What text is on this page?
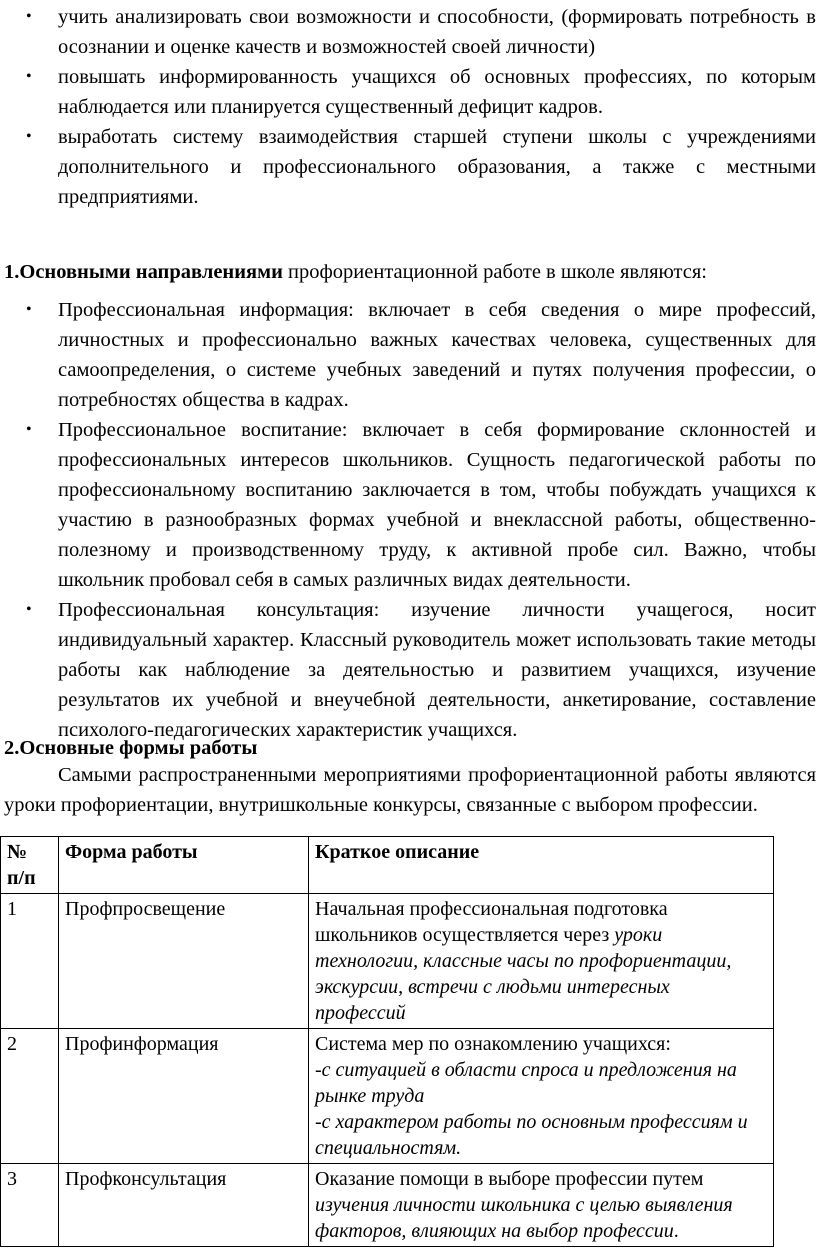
• учить анализировать свои возможности и способности, (формировать потребность в осознании и оценке качеств и возможностей своей личности)
• повышать информированность учащихся об основных профессиях, по которым наблюдается или планируется существенный дефицит кадров.
• выработать систему взаимодействия старшей ступени школы с учреждениями дополнительного и профессионального образования, а также с местными предприятиями.
1.Основными направлениями профориентационной работе в школе являются:
• Профессиональная информация: включает в себя сведения о мире профессий, личностных и профессионально важных качествах человека, существенных для самоопределения, о системе учебных заведений и путях получения профессии, о потребностях общества в кадрах.
• Профессиональное воспитание: включает в себя формирование склонностей и профессиональных интересов школьников. Сущность педагогической работы по профессиональному воспитанию заключается в том, чтобы побуждать учащихся к участию в разнообразных формах учебной и внеклассной работы, общественно-полезному и производственному труду, к активной пробе сил. Важно, чтобы школьник пробовал себя в самых различных видах деятельности.
• Профессиональная консультация: изучение личности учащегося, носит индивидуальный характер. Классный руководитель может использовать такие методы работы как наблюдение за деятельностью и развитием учащихся, изучение результатов их учебной и внеучебной деятельности, анкетирование, составление психолого-педагогических характеристик учащихся.
2.Основные формы работы
Самыми распространенными мероприятиями профориентационной работы являются уроки профориентации, внутришкольные конкурсы, связанные с выбором профессии.
№ п/п	Форма работы	Краткое описание
1	Профпросвещение	Начальная профессиональная подготовка школьников осуществляется через уроки технологии, классные часы по профориентации, экскурсии, встречи с людьми интересных профессий
2	Профинформация	Система мер по ознакомлению учащихся:
-с ситуацией в области спроса и предложения на рынке труда
-с характером работы по основным профессиям и специальностям.

3	Профконсультация	Оказание помощи в выборе профессии путем изучения личности школьника с целью выявления факторов, влияющих на выбор профессии.
